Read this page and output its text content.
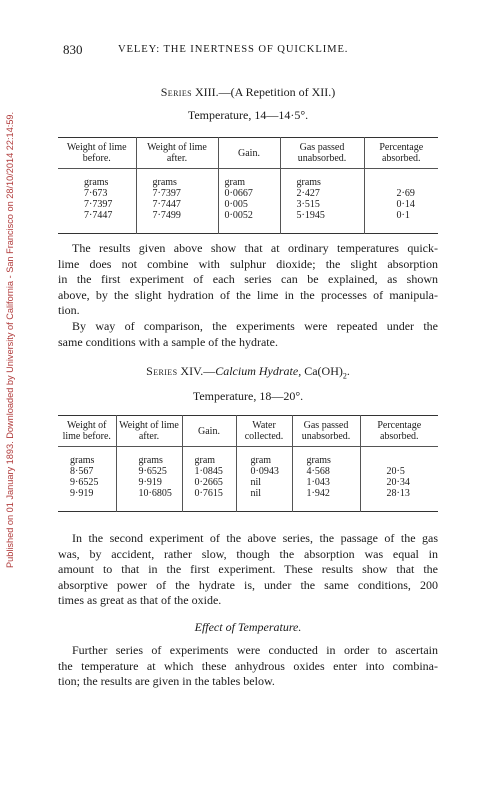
Published on 01 January 1893. Downloaded by University of California - San Francisco on 28/10/2014 22:14:59.
830	VELEY: THE INERTNESS OF QUICKLIME.
Series XIII.—(A Repetition of XII.)
Temperature, 14—14·5°.
Weight of lime before.	Weight of lime after.	Gain.	Gas passed unabsorbed.	Percentage absorbed.
grams	grams	gram	grams	
7·673	7·7397	0·0667	2·427	2·69
7·7397	7·7447	0·005	3·515	0·14
7·7447	7·7499	0·0052	5·1945	0·1
The results given above show that at ordinary temperatures quick-
lime does not combine with sulphur dioxide; the slight absorption
in the first experiment of each series can be explained, as shown
above, by the slight hydration of the lime in the processes of manipula-
tion.
By way of comparison, the experiments were repeated under the
same conditions with a sample of the hydrate.
Series XIV.—Calcium Hydrate, $Ca(OH)_2$.
Temperature, 18—20°.
Weight of lime before.	Weight of lime after.	Gain.	Water collected.	Gas passed unabsorbed.	Percentage absorbed.
grams	grams	gram	gram	grams	
8·567	9·6525	1·0845	0·0943	4·568	20·5
9·6525	9·919	0·2665	nil	1·043	20·34
9·919	10·6805	0·7615	nil	1·942	28·13
In the second experiment of the above series, the passage of the gas
was, by accident, rather slow, though the absorption was equal in
amount to that in the first experiment. These results show that the
absorptive power of the hydrate is, under the same conditions, 200
times as great as that of the oxide.
Effect of Temperature.
Further series of experiments were conducted in order to ascertain
the temperature at which these anhydrous oxides enter into combina-
tion; the results are given in the tables below.
